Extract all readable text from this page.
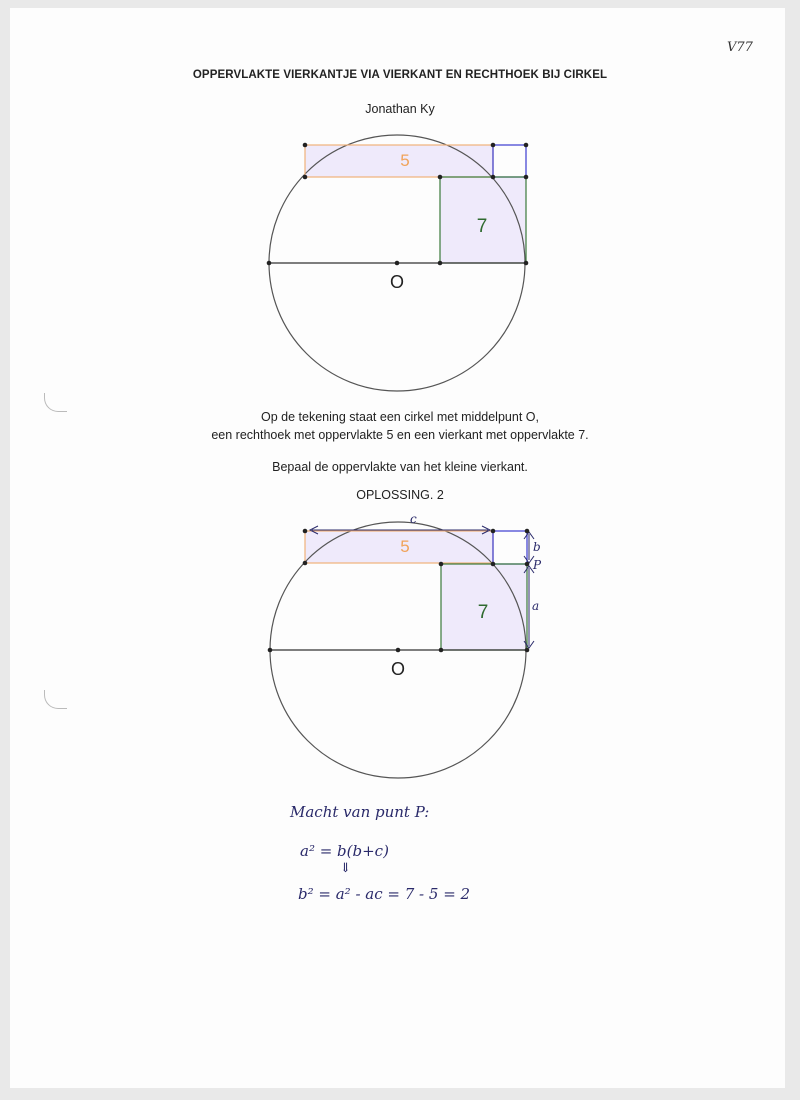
V77
OPPERVLAKTE VIERKANTJE VIA VIERKANT EN RECHTHOEK BIJ CIRKEL
Jonathan Ky
5
7
O
Op de tekening staat een cirkel met middelpunt O,
een rechthoek met oppervlakte 5 en een vierkant met oppervlakte 7.
Bepaal de oppervlakte van het kleine vierkant.
OPLOSSING. 2
5
7
O
c
b
P
a
Macht van punt P:
a² = b(b+c)
⇓
b² = a² - ac = 7 - 5 = 2
